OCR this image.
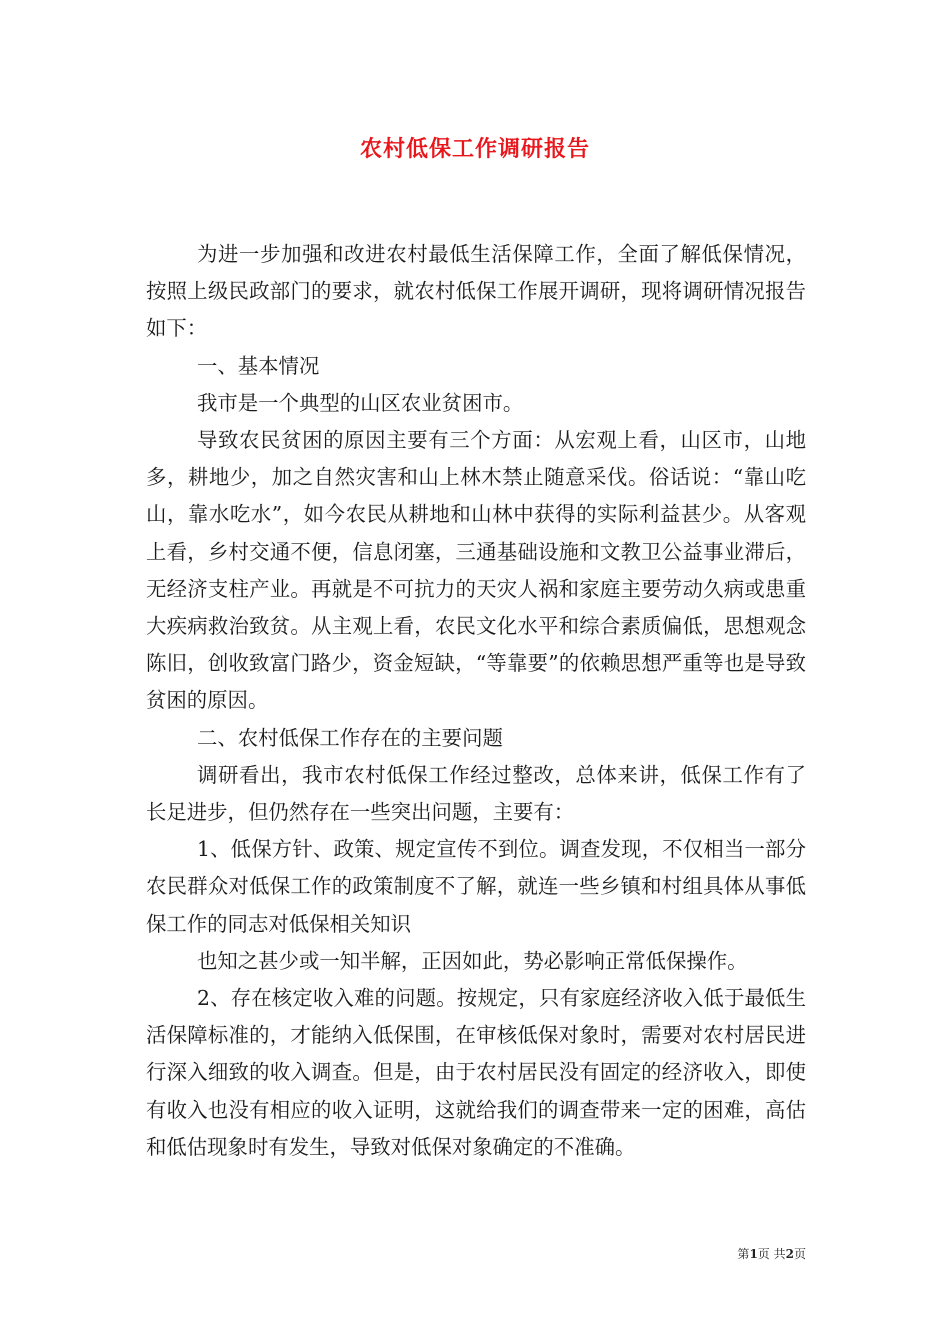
农村低保工作调研报告

为进一步加强和改进农村最低生活保障工作，全面了解低保情况，按照上级民政部门的要求，就农村低保工作展开调研，现将调研情况报告如下：

一、基本情况

我市是一个典型的山区农业贫困市。

导致农民贫困的原因主要有三个方面：从宏观上看，山区市，山地多，耕地少，加之自然灾害和山上林木禁止随意采伐。俗话说：“靠山吃山，靠水吃水”，如今农民从耕地和山林中获得的实际利益甚少。从客观上看，乡村交通不便，信息闭塞，三通基础设施和文教卫公益事业滞后，无经济支柱产业。再就是不可抗力的天灾人祸和家庭主要劳动久病或患重大疾病救治致贫。从主观上看，农民文化水平和综合素质偏低，思想观念陈旧，创收致富门路少，资金短缺，“等靠要”的依赖思想严重等也是导致贫困的原因。

二、农村低保工作存在的主要问题

调研看出，我市农村低保工作经过整改，总体来讲，低保工作有了长足进步，但仍然存在一些突出问题，主要有：

1、低保方针、政策、规定宣传不到位。调查发现，不仅相当一部分农民群众对低保工作的政策制度不了解，就连一些乡镇和村组具体从事低保工作的同志对低保相关知识

也知之甚少或一知半解，正因如此，势必影响正常低保操作。

2、存在核定收入难的问题。按规定，只有家庭经济收入低于最低生活保障标准的，才能纳入低保围，在审核低保对象时，需要对农村居民进行深入细致的收入调查。但是，由于农村居民没有固定的经济收入，即使有收入也没有相应的收入证明，这就给我们的调查带来一定的困难，高估和低估现象时有发生，导致对低保对象确定的不准确。

第1页 共2页
